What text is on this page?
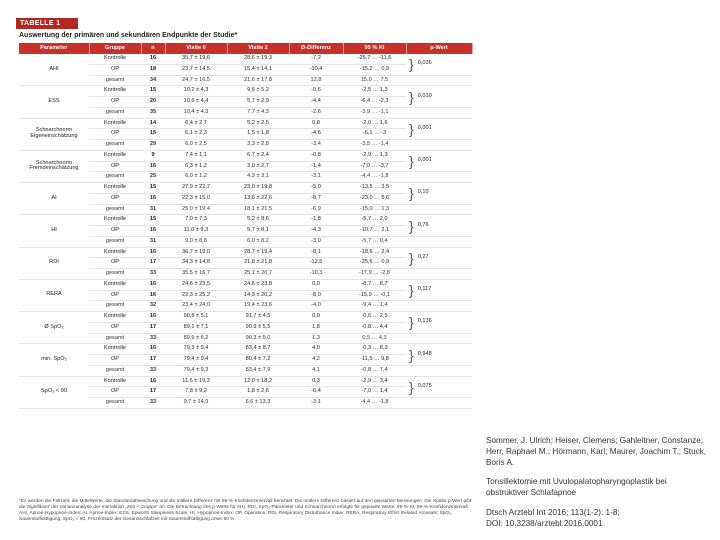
TABELLE 1
Auswertung der primären und sekundären Endpunkte der Studie*
Parameter	Gruppe	n	Visite 0	Visite 2	Ø-Differenz	95 % KI	p-Wert
AHI	Kontrolle	16	35,7 ± 19,6	28,6 ± 19,3	-7,2	-25,7 … -11,6	} 0,036
	OP	18	23,7 ± 14,5	15,4 ± 14,1	-10,4	-15,2 … 0,9	
	gesamt	34	24,7 ± 16,5	21,6 ± 17,8	12,8	15,0 … 7,5	
ESS	Kontrolle	15	10,2 ± 4,3	9,6 ± 5,2	-0,6	-2,5 … 1,3	} 0,010
	OP	20	10,6 ± 4,4	5,7 ± 2,9	-4,4	-6,4 … -2,3	
	gesamt	35	10,4 ± 4,3	7,7 ± 4,3	-2,6	-3,9 … -1,1	
Schnarchnorm Eigeneinschätzung	Kontrolle	14	6,4 ± 2,7	5,2 ± 2,5	0,8	-2,0 … 1,6	} 0,001
	OP	15	6,1 ± 2,3	1,5 ± 1,8	-4,6	-6,1 … -3	
	gesamt	29	6,0 ± 2,5	3,3 ± 2,8	-3,4	-3,5 … -1,4	
Schnarchnorm Fremdeinschätzung	Kontrolle	9	7,4 ± 1,1	6,7 ± 2,4	-0,8	-2,9 … 1,3	} 0,001
	OP	16	6,3 ± 1,2	3,0 ± 2,7	-1,4	-7,0 … -3,7	
	gesamt	25	6,0 ± 1,2	4,3 ± 3,1	-3,1	-4,4 … -1,8	
AI	Kontrolle	15	27,9 ± 22,7	23,0 ± 19,8	-5,0	-13,5 … 3,5	} 0,10
	OP	16	22,3 ± 15,0	13,6 ± 22,6	-8,7	-23,0 … 5,6	
	gesamt	31	25,0 ± 19,4	18,1 ± 21,5	-6,9	-15,0 … 1,3	
HI	Kontrolle	15	7,0 ± 7,3	5,2 ± 8,6	-1,8	-5,7 … 2,0	} 0,76
	OP	16	11,0 ± 9,3	5,7 ± 8,1	-4,3	-10,7 … 2,1	
	gesamt	31	9,0 ± 8,8	6,0 ± 8,2	-3,0	-5,7 … 0,4	
RDI	Kontrolle	16	36,7 ± 19,0	28,7 ± 19,4	-8,1	-18,6 … 2,4	} 0,27
	OP	17	34,3 ± 14,8	21,8 ± 21,8	-12,5	-25,6 … 0,9	
	gesamt	33	35,5 ± 16,7	25,1 ± 20,7	-10,3	-17,9 … -2,8	
RERA	Kontrolle	16	24,6 ± 23,5	24,6 ± 23,8	0,0	-8,7 … 8,7	} 0,117
	OP	16	22,3 ± 25,2	14,3 ± 20,2	-8,0	-15,9 … -0,1	
	gesamt	32	23,4 ± 24,0	19,4 ± 23,6	-4,0	-9,4 … 1,4	
Ø SpO₂	Kontrolle	16	90,8 ± 5,1	91,7 ± 4,5	0,9	-0,6 … 2,5	} 0,136
	OP	17	89,1 ± 7,1	90,9 ± 5,5	1,8	-0,8 … 4,4	
	gesamt	33	89,9 ± 6,2	90,3 ± 5,0	1,3	0,5 … 4,3	
min. SpO₂	Kontrolle	16	79,3 ± 9,4	83,4 ± 8,7	4,0	-0,3 … 8,3	} 0,948
	OP	17	79,4 ± 9,4	80,4 ± 7,2	4,2	-11,5 … 9,8	
	gesamt	33	79,4 ± 9,3	83,4 ± 7,9	4,1	-0,8 … 7,4	
SpO₂ < 90	Kontrolle	16	11,6 ± 19,3	12,0 ± 18,2	0,3	-2,9 … 3,4	} 0,075
	OP	17	7,8 ± 9,2	1,8 ± 2,6	-6,4	-7,0 … 1,4	
	gesamt	33	9,7 ± 14,9	6,6 ± 13,3	-3,1	-4,4 … -1,8	
*Es werden die Fallzahl, die Mittelwerte, die Standardabweichung und die mittlere Differenz mit 95-%-Konfidenzintervall berichtet. Die mittlere Differenz basiert auf den gepaarten Messungen. Die Spalte p-Wert gibt die Signifikanz der Varianzanalyse der Interaktion „Zeit × Gruppe“ an. Die Betrachtung des p-Werts für AHI, RDI, SpO₂-Parameter und Schnarchnorm erfolgte für gepaarte Werte. 95-%-KI, 95-%-Konfidenzintervall; AHI, Apnoe-Hypopnoe-Index; AI, Apnoe-Index; ESS, Epworth Sleepiness Scale; HI, Hypopnoe-Index; OP, Operation; RDI, Respiratory Disturbance Index; RERA, Respiratory Effort Related Arousals; SpO₂, Sauerstoffsättigung; SpO₂ < 90, Prozentsatz der Gesamtschlafzeit mit Sauerstoffsättigung unter 90 %
Sommer, J. Ulrich; Heiser, Clemens; Gahleitner, Constanze; Herr, Raphael M.; Hörmann, Karl; Maurer, Joachim T.; Stuck, Boris A.
Tonsillektomie mit Uvulopalatopharyngoplastik bei obstruktiver Schlafapnoe
Dtsch Arztebl Int 2016; 113(1-2): 1-8;
DOI: 10.3238/arztebl.2016.0001
